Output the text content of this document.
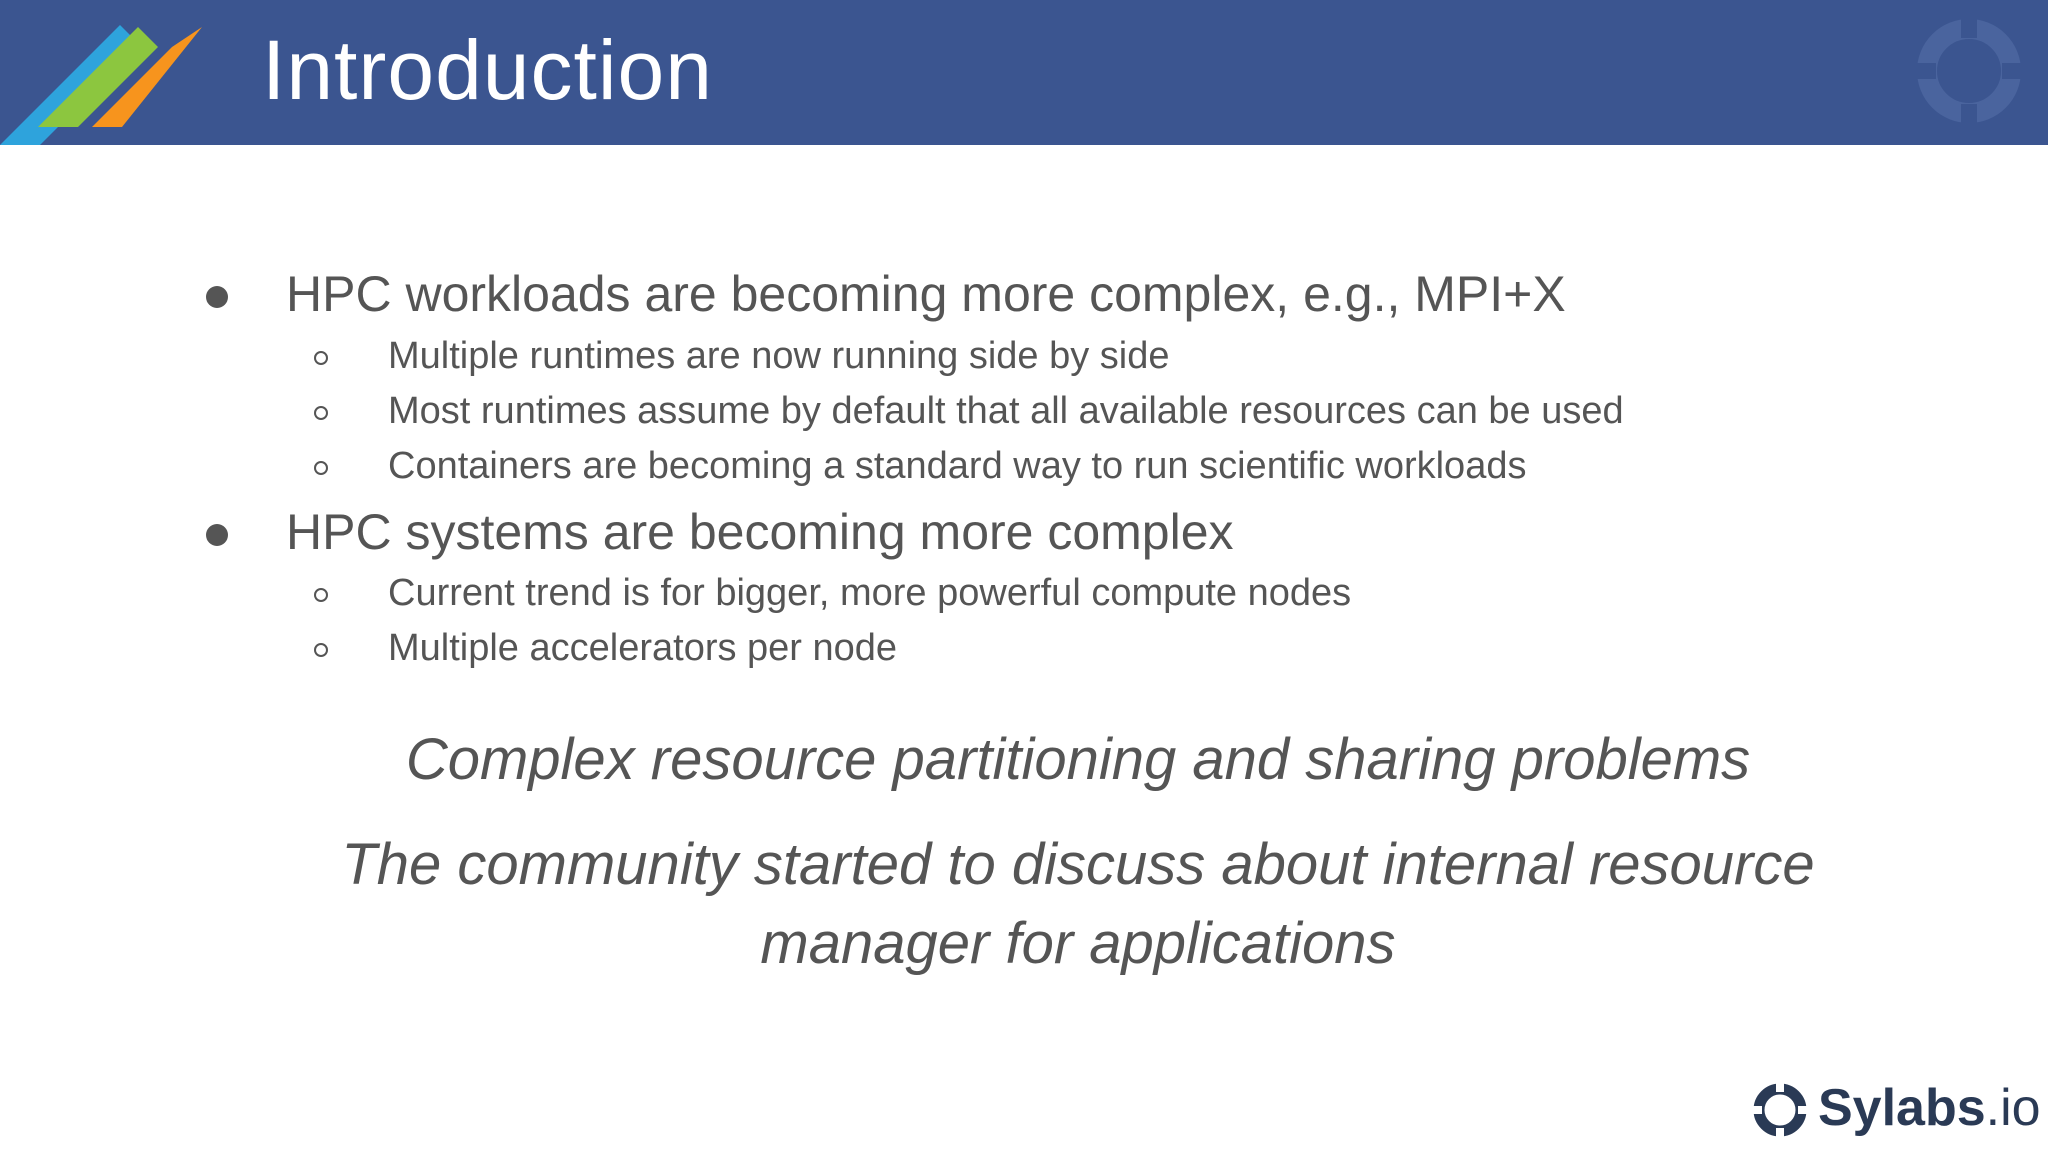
Introduction
HPC workloads are becoming more complex, e.g., MPI+X
Multiple runtimes are now running side by side
Most runtimes assume by default that all available resources can be used
Containers are becoming a standard way to run scientific workloads
HPC systems are becoming more complex
Current trend is for bigger, more powerful compute nodes
Multiple accelerators per node
Complex resource partitioning and sharing problems
The community started to discuss about internal resource
manager for applications
Sylabs.io
